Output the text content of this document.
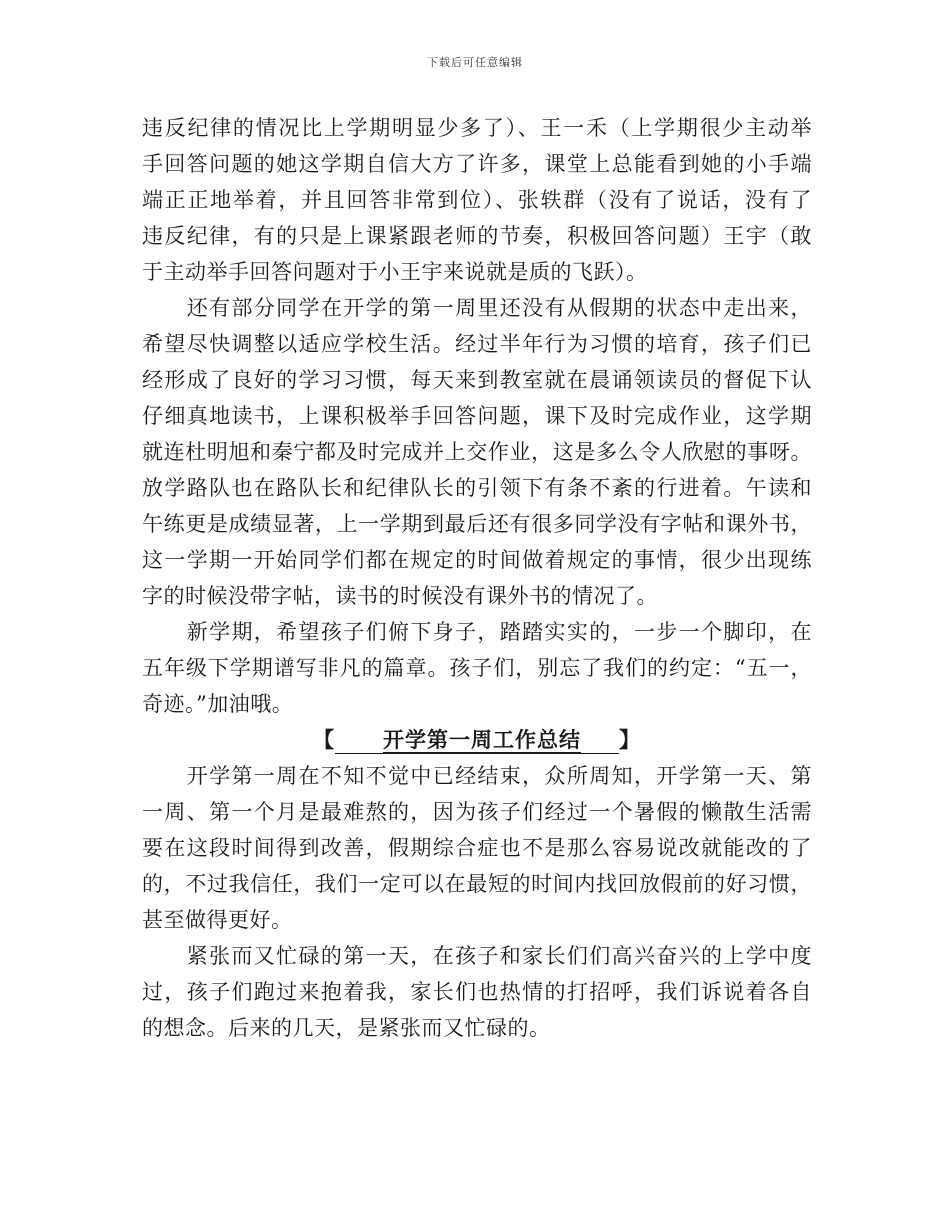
下载后可任意编辑
违反纪律的情况比上学期明显少多了）、王一禾（上学期很少主动举
手回答问题的她这学期自信大方了许多，课堂上总能看到她的小手端
端正正地举着，并且回答非常到位）、张轶群（没有了说话，没有了
违反纪律，有的只是上课紧跟老师的节奏，积极回答问题）王宇（敢
于主动举手回答问题对于小王宇来说就是质的飞跃）。
　　还有部分同学在开学的第一周里还没有从假期的状态中走出来，
希望尽快调整以适应学校生活。经过半年行为习惯的培育，孩子们已
经形成了良好的学习习惯，每天来到教室就在晨诵领读员的督促下认
仔细真地读书，上课积极举手回答问题，课下及时完成作业，这学期
就连杜明旭和秦宁都及时完成并上交作业，这是多么令人欣慰的事呀。
放学路队也在路队长和纪律队长的引领下有条不紊的行进着。午读和
午练更是成绩显著，上一学期到最后还有很多同学没有字帖和课外书，
这一学期一开始同学们都在规定的时间做着规定的事情，很少出现练
字的时候没带字帖，读书的时候没有课外书的情况了。
　　新学期，希望孩子们俯下身子，踏踏实实的，一步一个脚印，在
五年级下学期谱写非凡的篇章。孩子们，别忘了我们的约定：“五一，
奇迹。”加油哦。
【 开学第一周工作总结 】
　　开学第一周在不知不觉中已经结束，众所周知，开学第一天、第
一周、第一个月是最难熬的，因为孩子们经过一个暑假的懒散生活需
要在这段时间得到改善，假期综合症也不是那么容易说改就能改的了
的，不过我信任，我们一定可以在最短的时间内找回放假前的好习惯，
甚至做得更好。
　　紧张而又忙碌的第一天，在孩子和家长们们高兴奋兴的上学中度
过，孩子们跑过来抱着我，家长们也热情的打招呼，我们诉说着各自
的想念。后来的几天，是紧张而又忙碌的。
